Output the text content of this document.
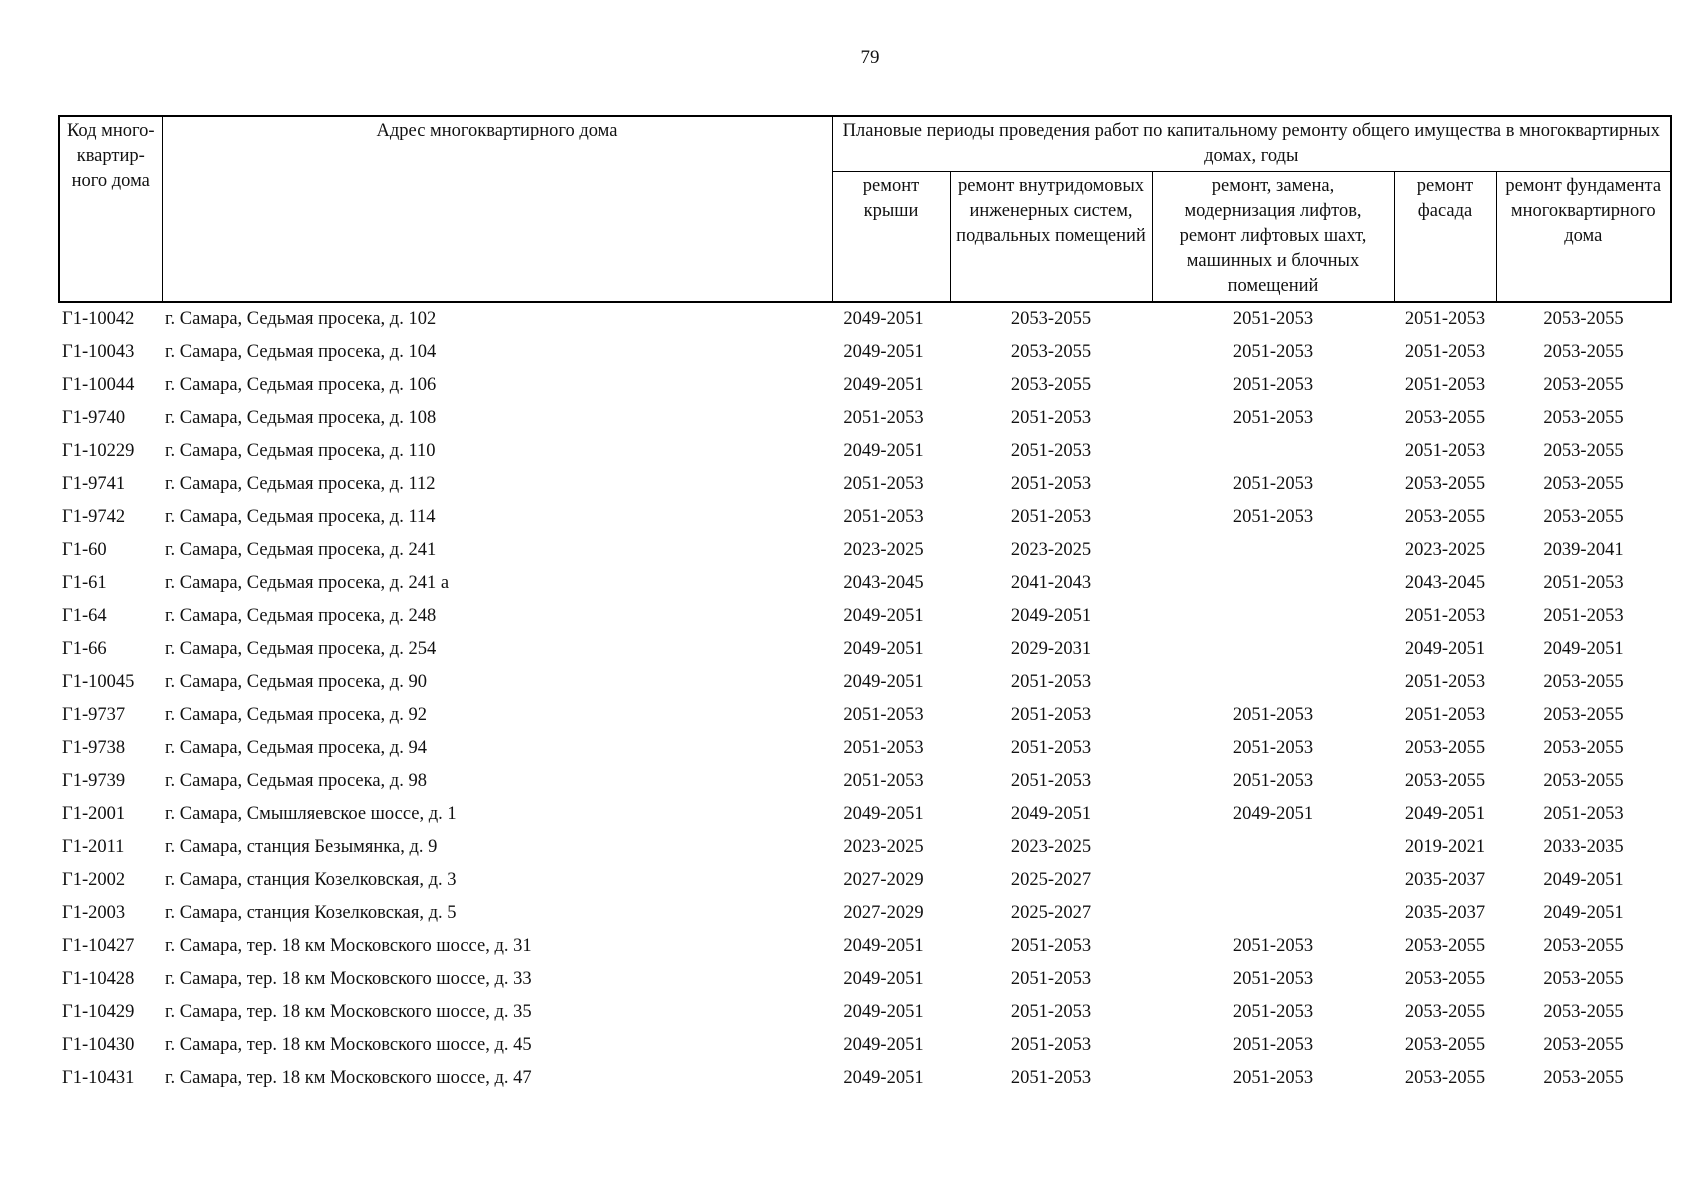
79
Код много-квартир-ного дома	Адрес многоквартирного дома	Плановые периоды проведения работ по капитальному ремонту общего имущества в многоквартирных домах, годы				
		ремонт крыши	ремонт внутридомовых инженерных систем, подвальных помещений	ремонт, замена, модернизация лифтов, ремонт лифтовых шахт, машинных и блочных помещений	ремонт фасада	ремонт фундамента многоквартирного дома
Г1-10042	г. Самара, Седьмая просека, д. 102	2049-2051	2053-2055	2051-2053	2051-2053	2053-2055
Г1-10043	г. Самара, Седьмая просека, д. 104	2049-2051	2053-2055	2051-2053	2051-2053	2053-2055
Г1-10044	г. Самара, Седьмая просека, д. 106	2049-2051	2053-2055	2051-2053	2051-2053	2053-2055
Г1-9740	г. Самара, Седьмая просека, д. 108	2051-2053	2051-2053	2051-2053	2053-2055	2053-2055
Г1-10229	г. Самара, Седьмая просека, д. 110	2049-2051	2051-2053		2051-2053	2053-2055
Г1-9741	г. Самара, Седьмая просека, д. 112	2051-2053	2051-2053	2051-2053	2053-2055	2053-2055
Г1-9742	г. Самара, Седьмая просека, д. 114	2051-2053	2051-2053	2051-2053	2053-2055	2053-2055
Г1-60	г. Самара, Седьмая просека, д. 241	2023-2025	2023-2025		2023-2025	2039-2041
Г1-61	г. Самара, Седьмая просека, д. 241 а	2043-2045	2041-2043		2043-2045	2051-2053
Г1-64	г. Самара, Седьмая просека, д. 248	2049-2051	2049-2051		2051-2053	2051-2053
Г1-66	г. Самара, Седьмая просека, д. 254	2049-2051	2029-2031		2049-2051	2049-2051
Г1-10045	г. Самара, Седьмая просека, д. 90	2049-2051	2051-2053		2051-2053	2053-2055
Г1-9737	г. Самара, Седьмая просека, д. 92	2051-2053	2051-2053	2051-2053	2051-2053	2053-2055
Г1-9738	г. Самара, Седьмая просека, д. 94	2051-2053	2051-2053	2051-2053	2053-2055	2053-2055
Г1-9739	г. Самара, Седьмая просека, д. 98	2051-2053	2051-2053	2051-2053	2053-2055	2053-2055
Г1-2001	г. Самара, Смышляевское шоссе, д. 1	2049-2051	2049-2051	2049-2051	2049-2051	2051-2053
Г1-2011	г. Самара, станция Безымянка, д. 9	2023-2025	2023-2025		2019-2021	2033-2035
Г1-2002	г. Самара, станция Козелковская, д. 3	2027-2029	2025-2027		2035-2037	2049-2051
Г1-2003	г. Самара, станция Козелковская, д. 5	2027-2029	2025-2027		2035-2037	2049-2051
Г1-10427	г. Самара, тер. 18 км Московского шоссе, д. 31	2049-2051	2051-2053	2051-2053	2053-2055	2053-2055
Г1-10428	г. Самара, тер. 18 км Московского шоссе, д. 33	2049-2051	2051-2053	2051-2053	2053-2055	2053-2055
Г1-10429	г. Самара, тер. 18 км Московского шоссе, д. 35	2049-2051	2051-2053	2051-2053	2053-2055	2053-2055
Г1-10430	г. Самара, тер. 18 км Московского шоссе, д. 45	2049-2051	2051-2053	2051-2053	2053-2055	2053-2055
Г1-10431	г. Самара, тер. 18 км Московского шоссе, д. 47	2049-2051	2051-2053	2051-2053	2053-2055	2053-2055
